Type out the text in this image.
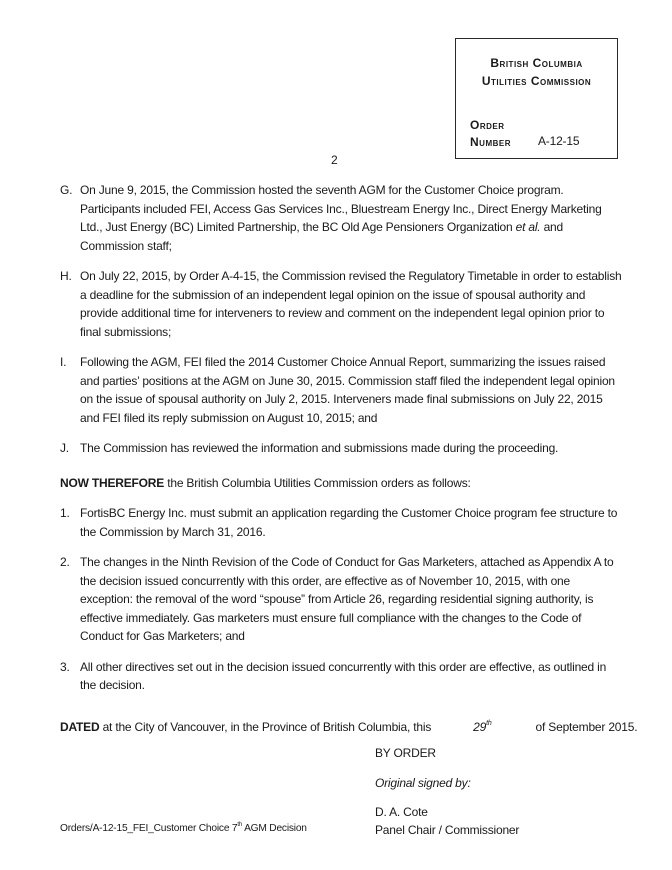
British Columbia
Utilities Commission
Order
Number A-12-15
2
G. On June 9, 2015, the Commission hosted the seventh AGM for the Customer Choice program. Participants included FEI, Access Gas Services Inc., Bluestream Energy Inc., Direct Energy Marketing Ltd., Just Energy (BC) Limited Partnership, the BC Old Age Pensioners Organization et al. and Commission staff;
H. On July 22, 2015, by Order A-4-15, the Commission revised the Regulatory Timetable in order to establish a deadline for the submission of an independent legal opinion on the issue of spousal authority and provide additional time for interveners to review and comment on the independent legal opinion prior to final submissions;
I. Following the AGM, FEI filed the 2014 Customer Choice Annual Report, summarizing the issues raised and parties’ positions at the AGM on June 30, 2015. Commission staff filed the independent legal opinion on the issue of spousal authority on July 2, 2015. Interveners made final submissions on July 22, 2015 and FEI filed its reply submission on August 10, 2015; and
J. The Commission has reviewed the information and submissions made during the proceeding.
NOW THEREFORE the British Columbia Utilities Commission orders as follows:
1. FortisBC Energy Inc. must submit an application regarding the Customer Choice program fee structure to the Commission by March 31, 2016.
2. The changes in the Ninth Revision of the Code of Conduct for Gas Marketers, attached as Appendix A to the decision issued concurrently with this order, are effective as of November 10, 2015, with one exception: the removal of the word “spouse” from Article 26, regarding residential signing authority, is effective immediately. Gas marketers must ensure full compliance with the changes to the Code of Conduct for Gas Marketers; and
3. All other directives set out in the decision issued concurrently with this order are effective, as outlined in the decision.
DATED at the City of Vancouver, in the Province of British Columbia, this	29th	of September 2015.
BY ORDER
Original signed by:
D. A. Cote
Panel Chair / Commissioner
Orders/A-12-15_FEI_Customer Choice 7th AGM Decision
